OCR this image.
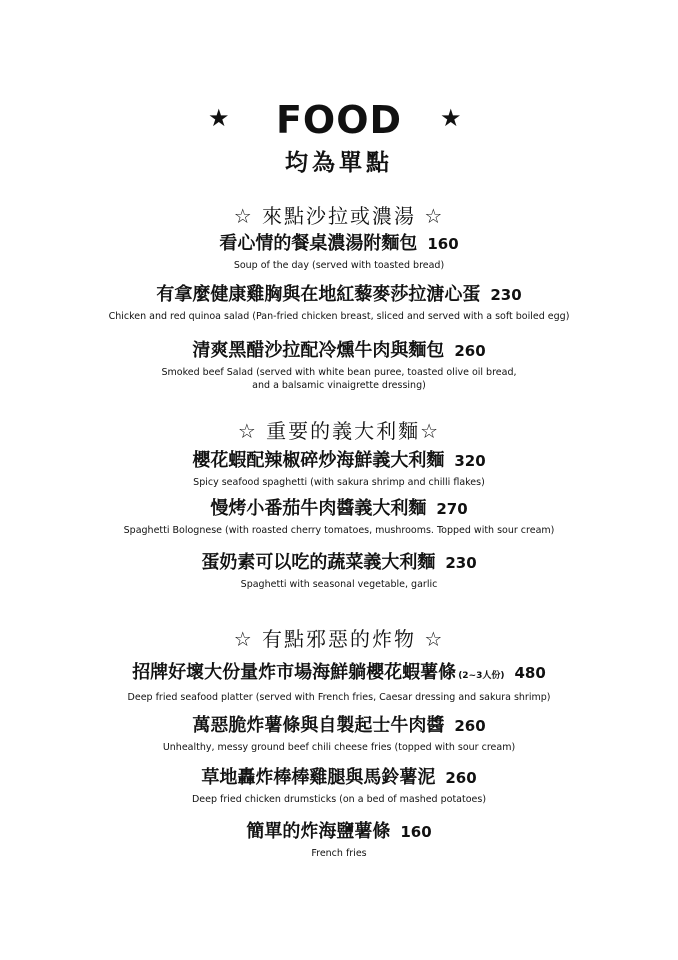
★	FOOD	★
均為單點
☆ 來點沙拉或濃湯 ☆
看心情的餐桌濃湯附麵包 160
Soup of the day (served with toasted bread)
有拿麼健康雞胸與在地紅藜麥莎拉溏心蛋 230
Chicken and red quinoa salad (Pan-fried chicken breast, sliced and served with a soft boiled egg)
清爽黑醋沙拉配冷燻牛肉與麵包 260
Smoked beef Salad (served with white bean puree, toasted olive oil bread,
and a balsamic vinaigrette dressing)
☆ 重要的義大利麵☆
櫻花蝦配辣椒碎炒海鮮義大利麵 320
Spicy seafood spaghetti (with sakura shrimp and chilli flakes)
慢烤小番茄牛肉醬義大利麵 270
Spaghetti Bolognese (with roasted cherry tomatoes, mushrooms. Topped with sour cream)
蛋奶素可以吃的蔬菜義大利麵 230
Spaghetti with seasonal vegetable, garlic
☆ 有點邪惡的炸物 ☆
招牌好壞大份量炸市場海鮮躺櫻花蝦薯條 (2~3人份) 480
Deep fried seafood platter (served with French fries, Caesar dressing and sakura shrimp)
萬惡脆炸薯條與自製起士牛肉醬 260
Unhealthy, messy ground beef chili cheese fries (topped with sour cream)
草地轟炸棒棒雞腿與馬鈴薯泥 260
Deep fried chicken drumsticks (on a bed of mashed potatoes)
簡單的炸海鹽薯條 160
French fries
